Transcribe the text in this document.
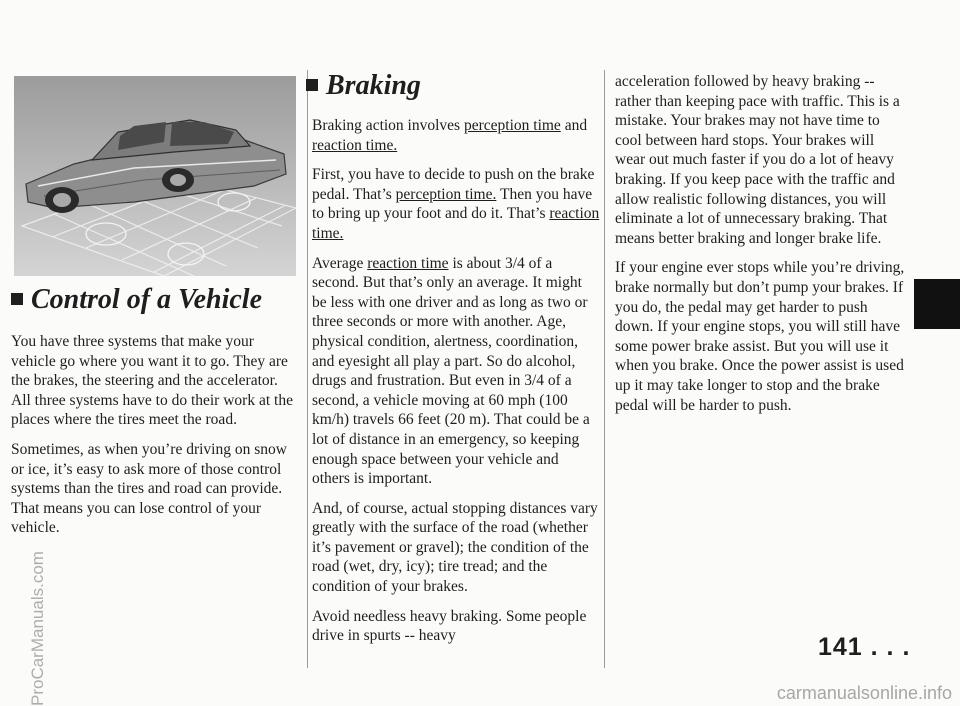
Control of a Vehicle

You have three systems that make your vehicle go where you want it to go. They are the brakes, the steering and the accelerator. All three systems have to do their work at the places where the tires meet the road.

Sometimes, as when you’re driving on snow or ice, it’s easy to ask more of those control systems than the tires and road can provide. That means you can lose control of your vehicle.

Braking

Braking action involves perception time and reaction time.

First, you have to decide to push on the brake pedal. That’s perception time. Then you have to bring up your foot and do it. That’s reaction time.

Average reaction time is about 3/4 of a second. But that’s only an average. It might be less with one driver and as long as two or three seconds or more with another. Age, physical condition, alertness, coordination, and eyesight all play a part. So do alcohol, drugs and frustration. But even in 3/4 of a second, a vehicle moving at 60 mph (100 km/h) travels 66 feet (20 m). That could be a lot of distance in an emergency, so keeping enough space between your vehicle and others is important.

And, of course, actual stopping distances vary greatly with the surface of the road (whether it’s pavement or gravel); the condition of the road (wet, dry, icy); tire tread; and the condition of your brakes.

Avoid needless heavy braking. Some people drive in spurts -- heavy

acceleration followed by heavy braking -- rather than keeping pace with traffic. This is a mistake. Your brakes may not have time to cool between hard stops. Your brakes will wear out much faster if you do a lot of heavy braking. If you keep pace with the traffic and allow realistic following distances, you will eliminate a lot of unnecessary braking. That means better braking and longer brake life.

If your engine ever stops while you’re driving, brake normally but don’t pump your brakes. If you do, the pedal may get harder to push down. If your engine stops, you will still have some power brake assist. But you will use it when you brake. Once the power assist is used up it may take longer to stop and the brake pedal will be harder to push.

141 . . .
ProCarManuals.com	carmanualsonline.info
